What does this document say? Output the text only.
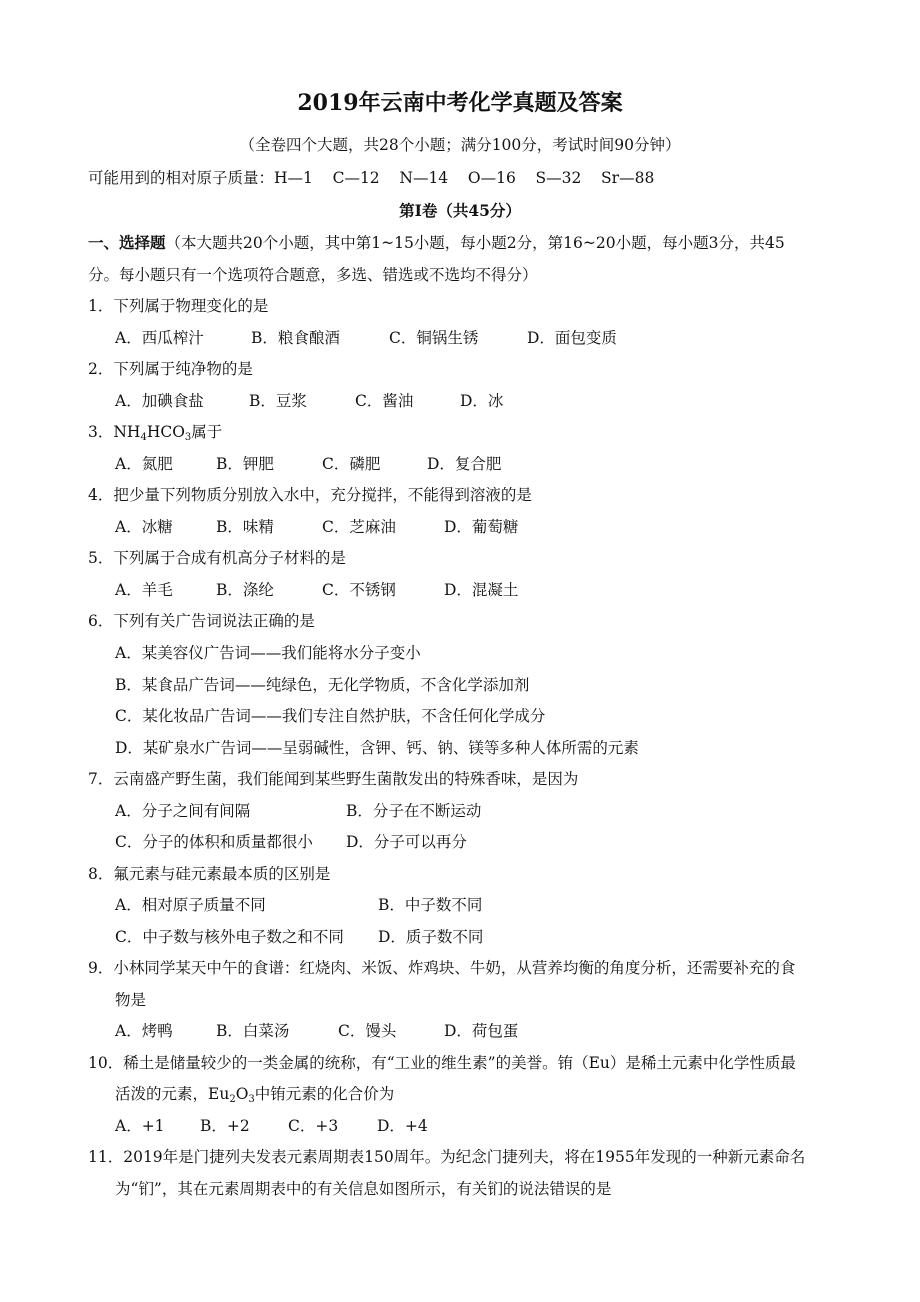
2019年云南中考化学真题及答案
（全卷四个大题，共28个小题；满分100分，考试时间90分钟）
可能用到的相对原子质量：H—1    C—12    N—14    O—16    S—32    Sr—88
第Ⅰ卷（共45分）
一、选择题（本大题共20个小题，其中第1~15小题，每小题2分，第16~20小题，每小题3分，共45
分。每小题只有一个选项符合题意，多选、错选或不选均不得分）
1．下列属于物理变化的是
A．西瓜榨汁	B．粮食酿酒	C．铜锅生锈	D．面包变质
2．下列属于纯净物的是
A．加碘食盐	B．豆浆	C．酱油	D．冰
3．$NH_4HCO_3$属于
A．氮肥	B．钾肥	C．磷肥	D．复合肥
4．把少量下列物质分别放入水中，充分搅拌，不能得到溶液的是
A．冰糖	B．味精	C．芝麻油	D．葡萄糖
5．下列属于合成有机高分子材料的是
A．羊毛	B．涤纶	C．不锈钢	D．混凝土
6．下列有关广告词说法正确的是
A．某美容仪广告词——我们能将水分子变小
B．某食品广告词——纯绿色，无化学物质，不含化学添加剂
C．某化妆品广告词——我们专注自然护肤，不含任何化学成分
D．某矿泉水广告词——呈弱碱性，含钾、钙、钠、镁等多种人体所需的元素
7．云南盛产野生菌，我们能闻到某些野生菌散发出的特殊香味，是因为
A．分子之间有间隔	B．分子在不断运动
C．分子的体积和质量都很小 D．分子可以再分
8．氟元素与硅元素最本质的区别是
A．相对原子质量不同	B．中子数不同
C．中子数与核外电子数之和不同 D．质子数不同
9．小林同学某天中午的食谱：红烧肉、米饭、炸鸡块、牛奶，从营养均衡的角度分析，还需要补充的食
物是
A．烤鸭	B．白菜汤	C．馒头	D．荷包蛋
10．稀土是储量较少的一类金属的统称，有“工业的维生素”的美誉。铕（Eu）是稀土元素中化学性质最
活泼的元素，$Eu_2O_3$中铕元素的化合价为
A．+1 B．+2 C．+3	D．+4
11．2019年是门捷列夫发表元素周期表150周年。为纪念门捷列夫，将在1955年发现的一种新元素命名
为“钔”，其在元素周期表中的有关信息如图所示，有关钔的说法错误的是
